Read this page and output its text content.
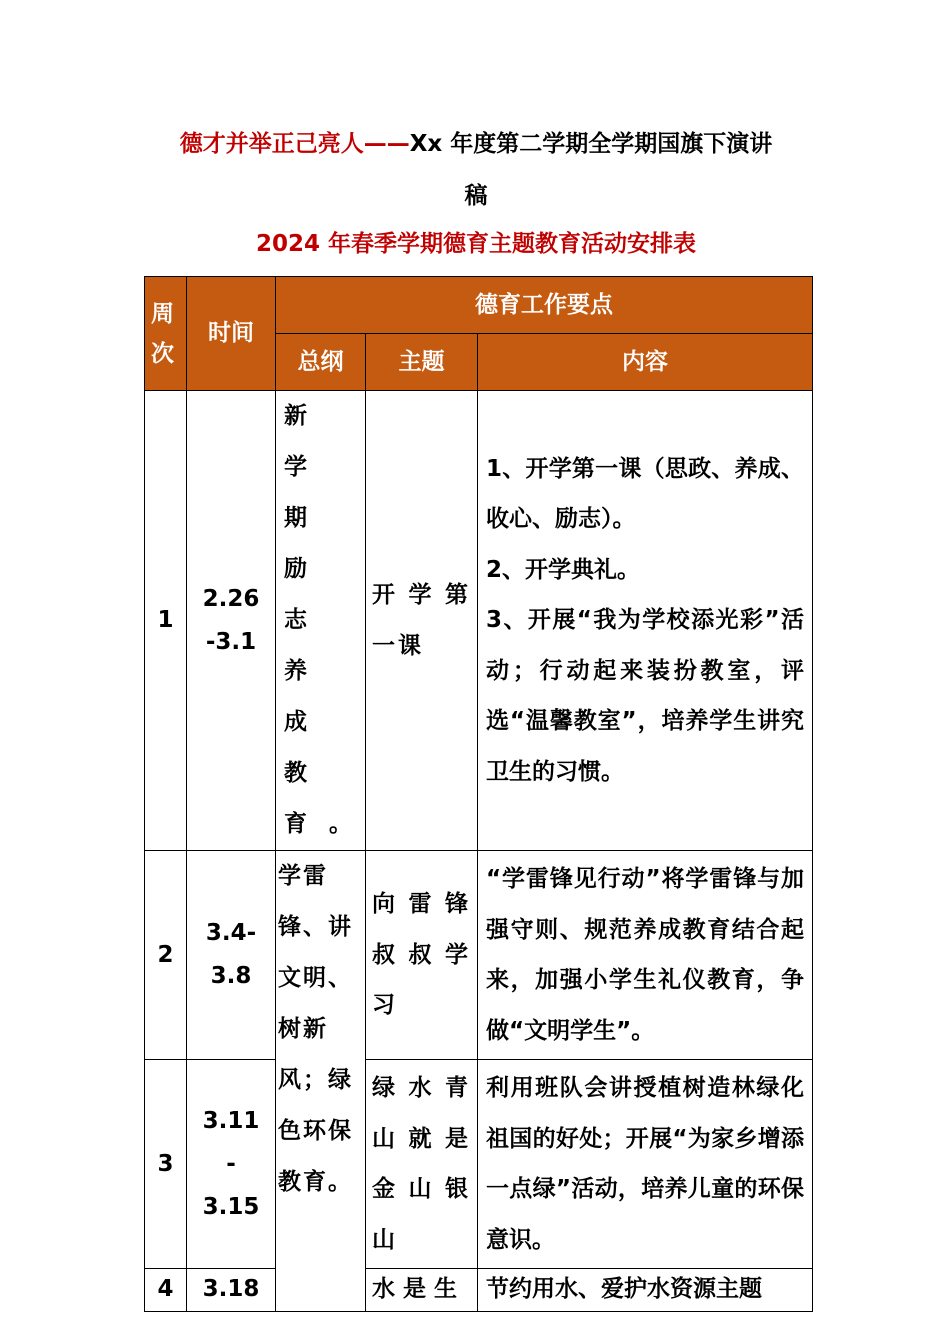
德才并举正己亮人——Xx 年度第二学期全学期国旗下演讲
稿
2024 年春季学期德育主题教育活动安排表
周次	时间	德育工作要点		
		总纲	主题	内容
1	2.26 -3.1	新学期励志养成教育。	开学第一课	1、开学第一课（思政、养成、收心、励志）。
2、开学典礼。
3、开展“我为学校添光彩”活动；行动起来装扮教室，评选“温馨教室”，培养学生讲究卫生的习惯。

2	3.4- 3.8	学雷锋、讲文明、树新风；绿色环保教育。	向雷锋叔叔学习	“学雷锋见行动”将学雷锋与加强守则、规范养成教育结合起来，加强小学生礼仪教育，争做“文明学生”。

3	3.11 - 3.15		绿水青山就是金山银山	利用班队会讲授植树造林绿化祖国的好处；开展“为家乡增添一点绿”活动，培养儿童的环保意识。

4	3.18		水是生	节约用水、爱护水资源主题
